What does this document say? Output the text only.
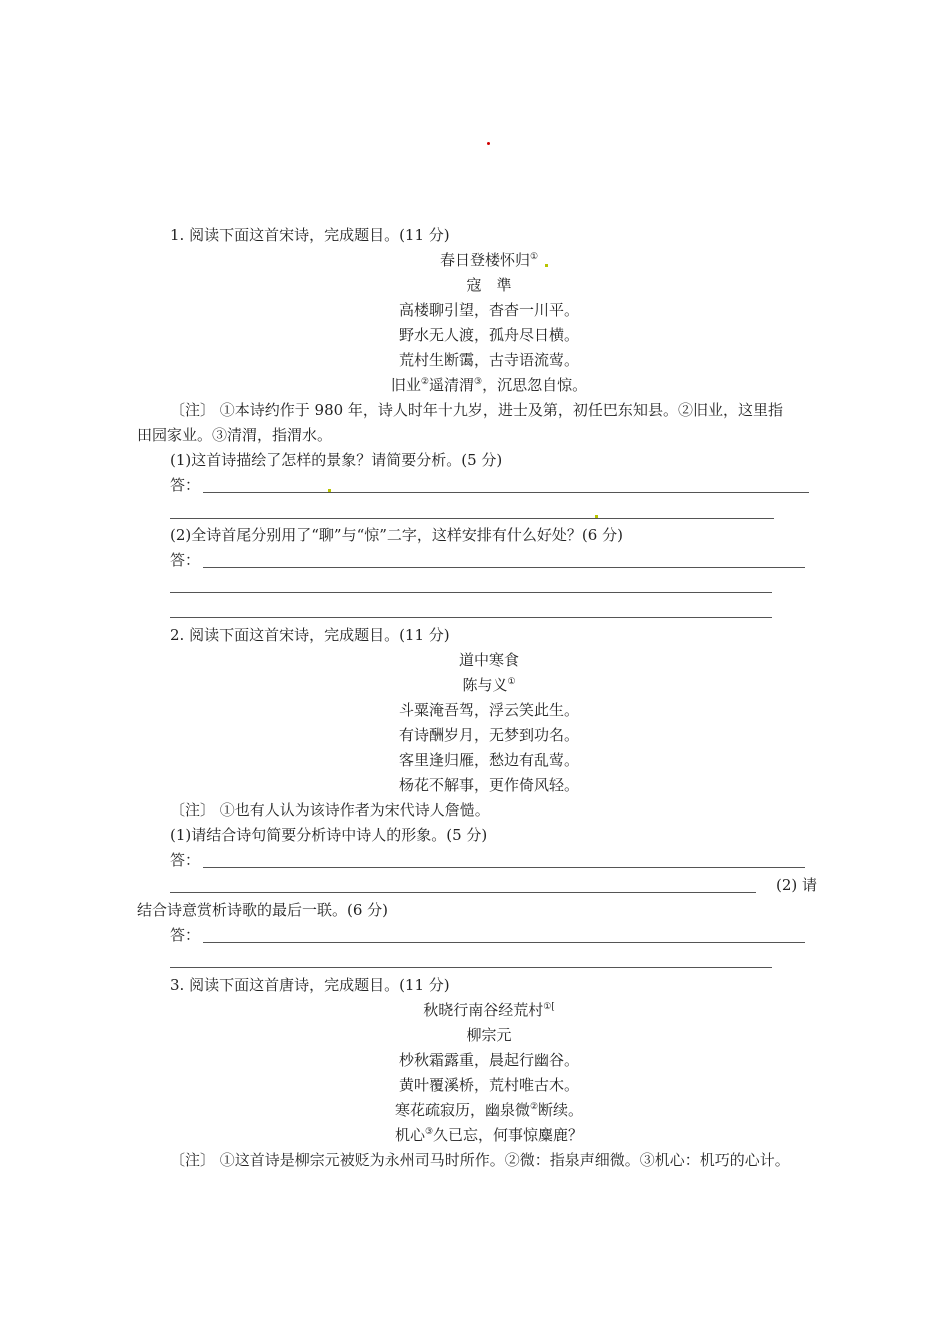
1. 阅读下面这首宋诗，完成题目。(11 分)
春日登楼怀归①
寇　準
高楼聊引望，杳杳一川平。
野水无人渡，孤舟尽日横。
荒村生断霭，古寺语流莺。
旧业②遥清渭③，沉思忽自惊。
〔注〕 ①本诗约作于 980 年，诗人时年十九岁，进士及第，初任巴东知县。②旧业，这里指
田园家业。③清渭，指渭水。
(1)这首诗描绘了怎样的景象？请简要分析。(5 分)
答：
(2)全诗首尾分别用了“聊”与“惊”二字，这样安排有什么好处？(6 分)
答：
2. 阅读下面这首宋诗，完成题目。(11 分)
道中寒食
陈与义①
斗粟淹吾驾，浮云笑此生。
有诗酬岁月，无梦到功名。
客里逢归雁，愁边有乱莺。
杨花不解事，更作倚风轻。
〔注〕 ①也有人认为该诗作者为宋代诗人詹慥。
(1)请结合诗句简要分析诗中诗人的形象。(5 分)
答：
(2) 请
结合诗意赏析诗歌的最后一联。(6 分)
答：
3. 阅读下面这首唐诗，完成题目。(11 分)
秋晓行南谷经荒村①[
柳宗元
杪秋霜露重，晨起行幽谷。
黄叶覆溪桥，荒村唯古木。
寒花疏寂历，幽泉微②断续。
机心③久已忘，何事惊麋鹿？
〔注〕 ①这首诗是柳宗元被贬为永州司马时所作。②微：指泉声细微。③机心：机巧的心计。
